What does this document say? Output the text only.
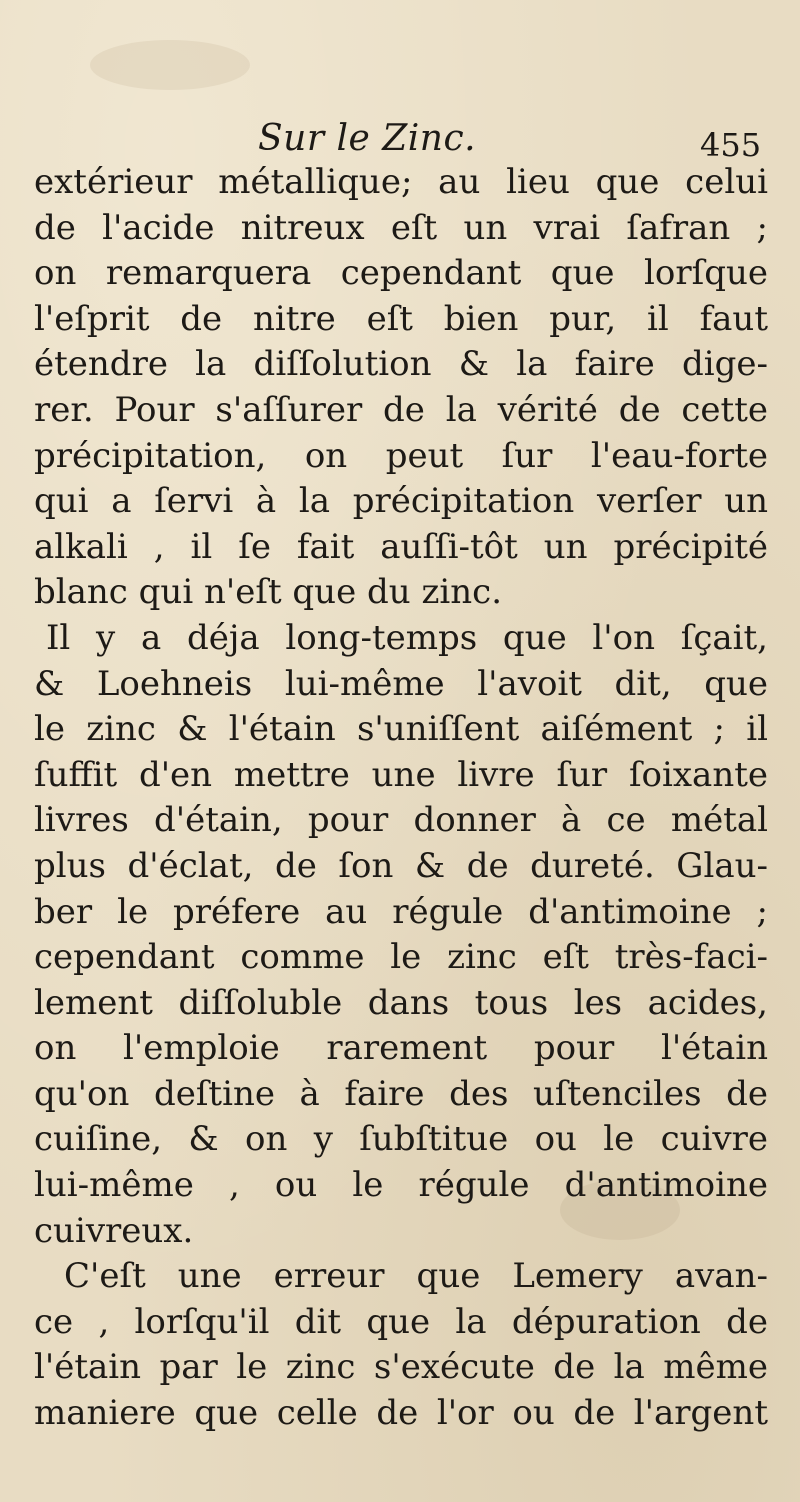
Sur le Zinc.	455
extérieur métallique; au lieu que celui
de l'acide nitreux eſt un vrai ſafran ;
on remarquera cependant que lorſque
l'eſprit de nitre eſt bien pur, il faut
étendre la diſſolution & la faire dige-
rer. Pour s'aſſurer de la vérité de cette
précipitation, on peut ſur l'eau-forte
qui a ſervi à la précipitation verſer un
alkali , il ſe fait auſſi-tôt un précipité
blanc qui n'eſt que du zinc.
Il y a déja long-temps que l'on ſçait,
& Loehneis lui-même l'avoit dit, que
le zinc & l'étain s'uniſſent aiſément ; il
ſuffit d'en mettre une livre ſur ſoixante
livres d'étain, pour donner à ce métal
plus d'éclat, de ſon & de dureté. Glau-
ber le préfere au régule d'antimoine ;
cependant comme le zinc eſt très-faci-
lement diſſoluble dans tous les acides,
on l'emploie rarement pour l'étain
qu'on deſtine à faire des uſtenciles de
cuiſine, & on y ſubſtitue ou le cuivre
lui-même , ou le régule d'antimoine
cuivreux.
C'eſt une erreur que Lemery avan-
ce , lorſqu'il dit que la dépuration de
l'étain par le zinc s'exécute de la même
maniere que celle de l'or ou de l'argent
